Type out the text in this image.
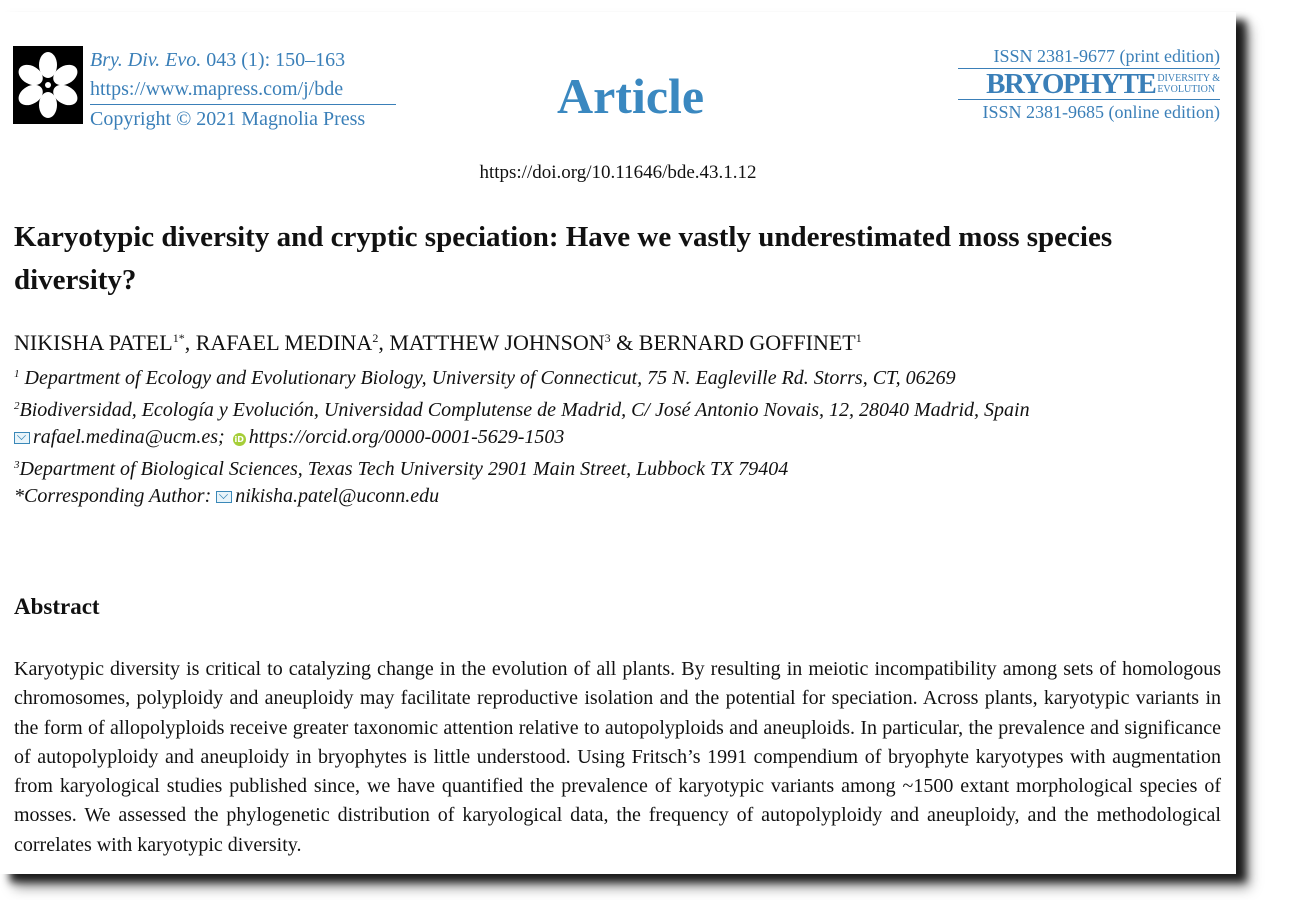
Bry. Div. Evo. 043 (1): 150–163
https://www.mapress.com/j/bde
Copyright © 2021 Magnolia Press	Article
ISSN 2381-9677 (print edition)
BRYOPHYTE DIVERSITY &
EVOLUTION
ISSN 2381-9685 (online edition)
https://doi.org/10.11646/bde.43.1.12
Karyotypic diversity and cryptic speciation: Have we vastly underestimated moss species diversity?
NIKISHA $PATEL^{1*}$, RAFAEL MEDINA$^2$, MATTHEW JOHNSON$^3$ & BERNARD GOFFINET$^1$
$^1$ Department of Ecology and Evolutionary Biology, University of Connecticut, 75 N. Eagleville Rd. Storrs, CT, 06269
$^2$Biodiversidad, Ecología y Evolución, Universidad Complutense de Madrid, C/ José Antonio Novais, 12, 28040 Madrid, Spain
rafael.medina@ucm.es; iD https://orcid.org/0000-0001-5629-1503
$^3$Department of Biological Sciences, Texas Tech University 2901 Main Street, Lubbock TX 79404
*Corresponding Author: nikisha.patel@uconn.edu
Abstract

Karyotypic diversity is critical to catalyzing change in the evolution of all plants. By resulting in meiotic incompatibility among sets of homologous chromosomes, polyploidy and aneuploidy may facilitate reproductive isolation and the potential for speciation. Across plants, karyotypic variants in the form of allopolyploids receive greater taxonomic attention relative to autopolyploids and aneuploids. In particular, the prevalence and significance of autopolyploidy and aneuploidy in bryophytes is little understood. Using Fritsch’s 1991 compendium of bryophyte karyotypes with augmentation from karyological studies published since, we have quantified the prevalence of karyotypic variants among ~1500 extant morphological species of mosses. We assessed the phylogenetic distribution of karyological data, the frequency of autopolyploidy and aneuploidy, and the methodological correlates with karyotypic diversity.
